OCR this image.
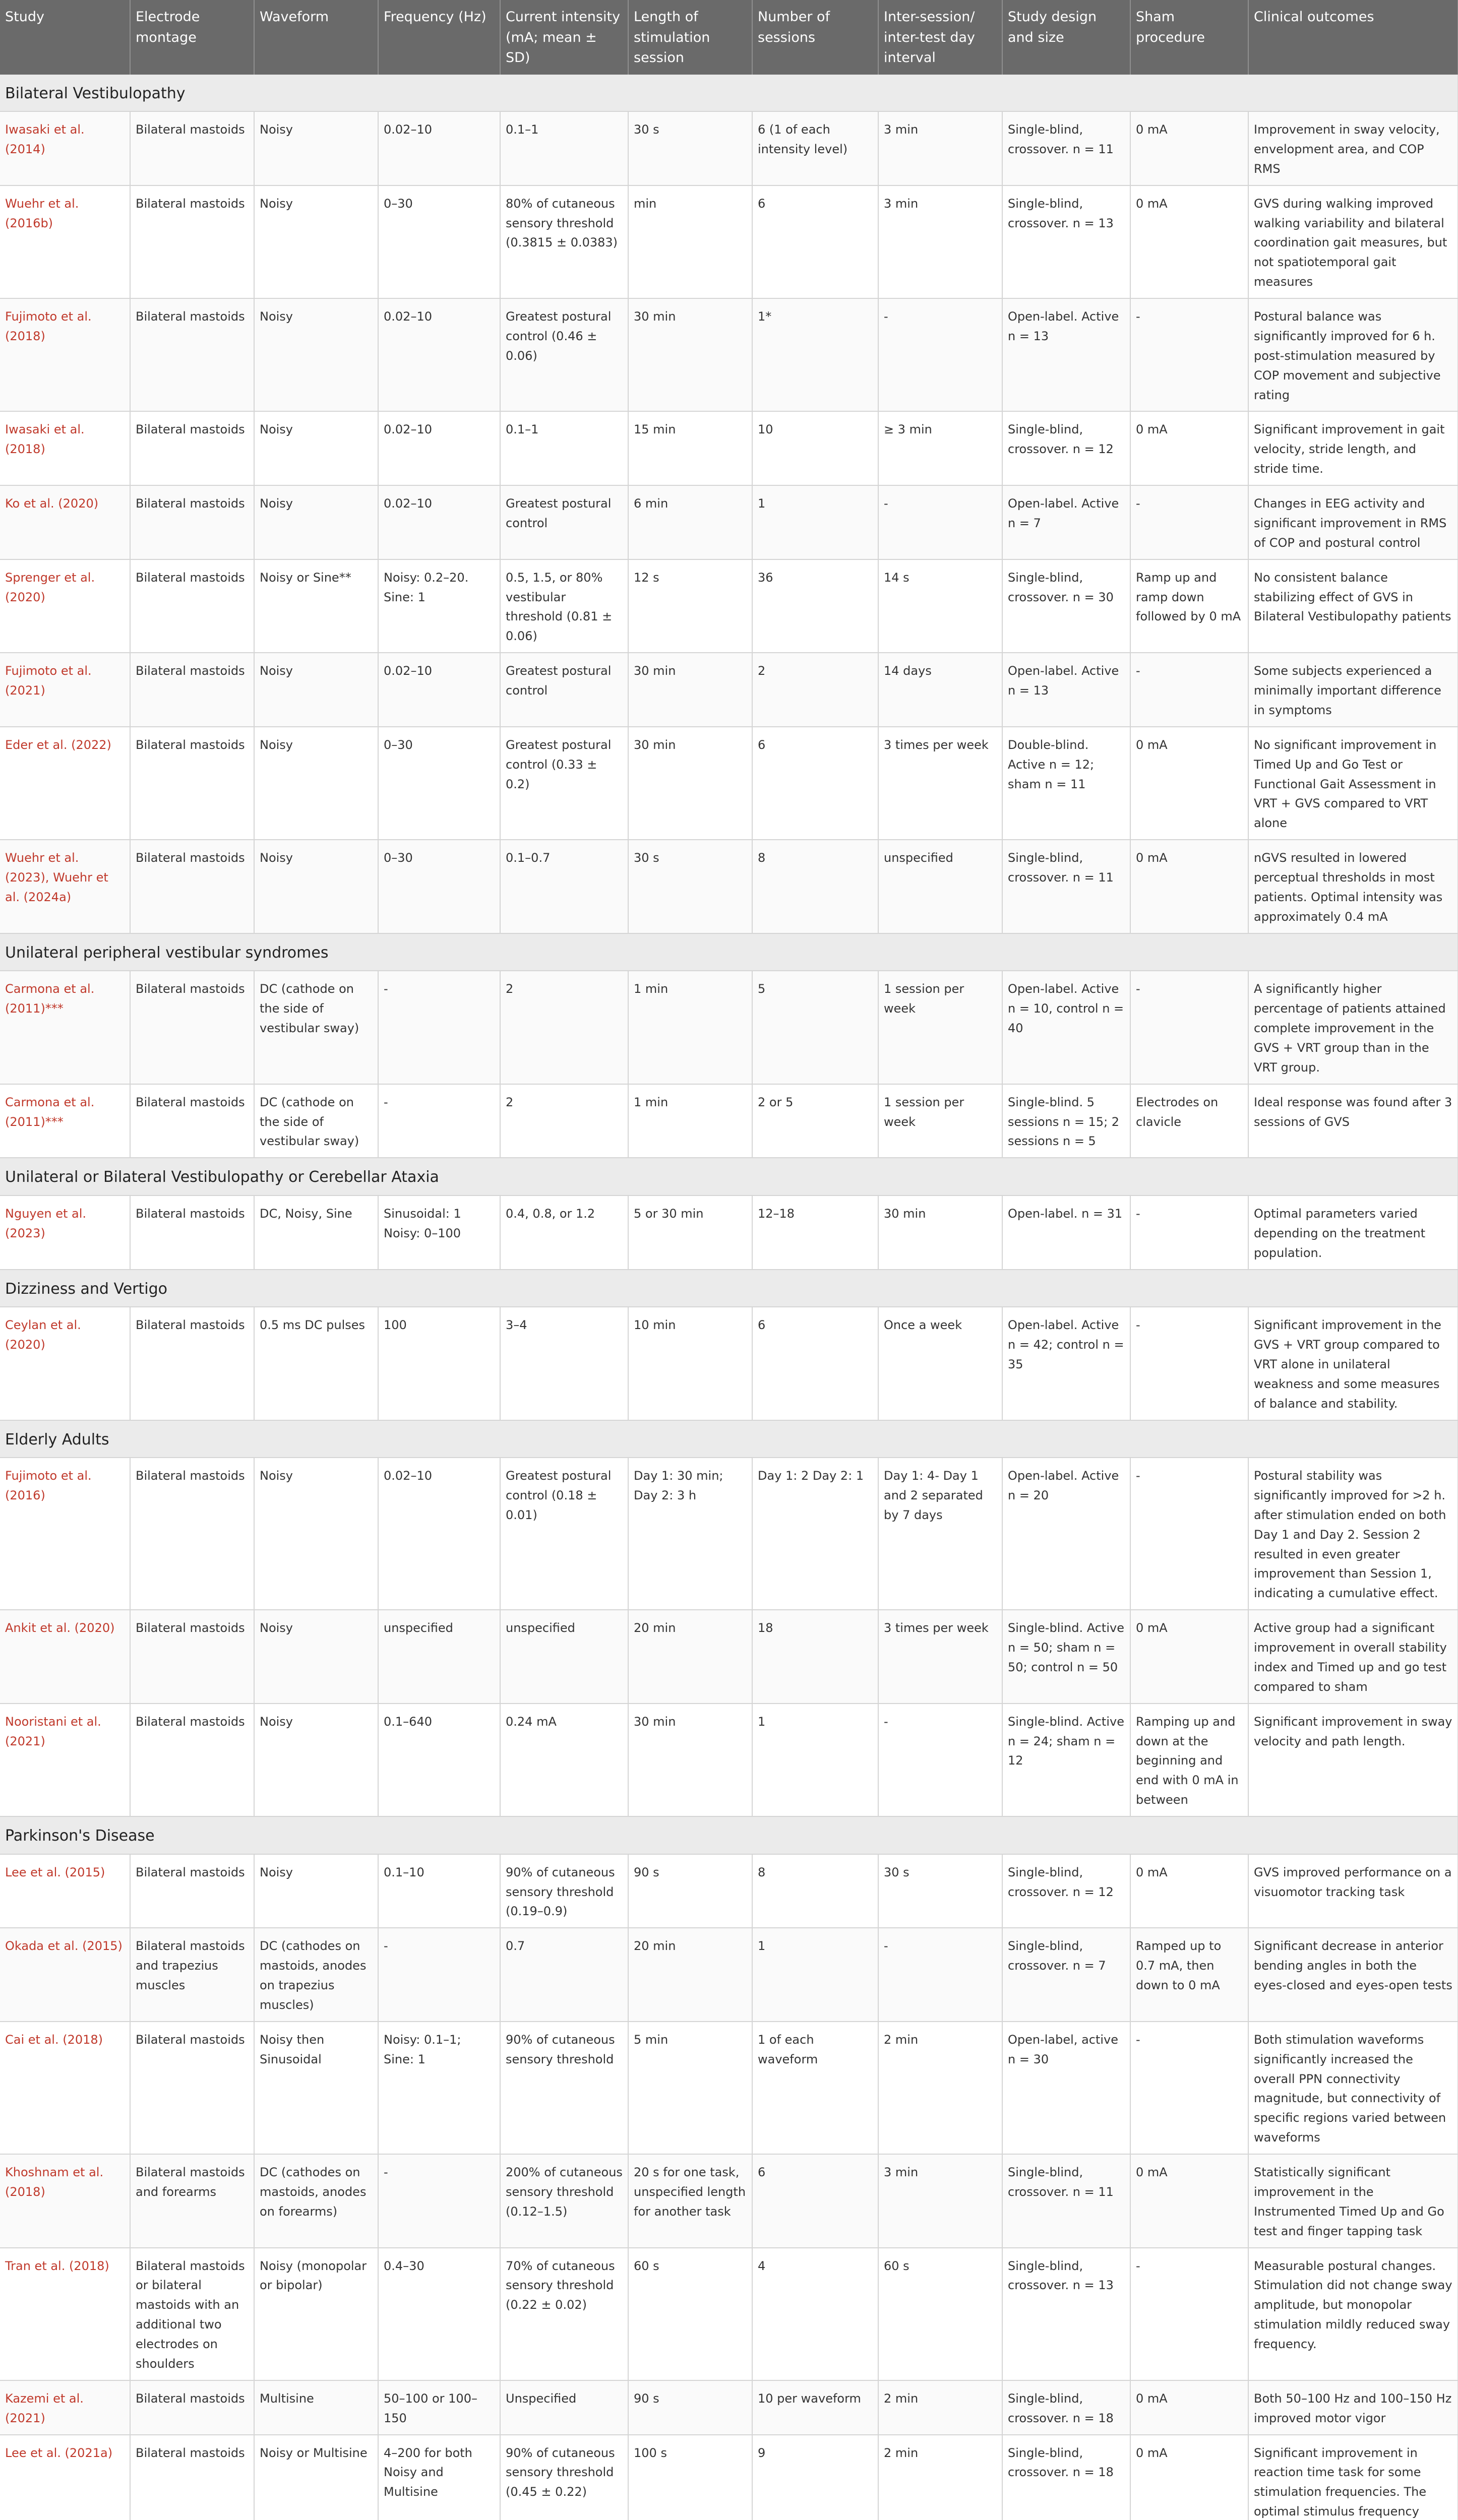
Study	Electrode montage	Waveform	Frequency (Hz)	Current intensity (mA; mean ± SD)	Length of stimulation session	Number of sessions	Inter-session/ inter-test day interval	Study design and size	Sham procedure	Clinical outcomes
Bilateral Vestibulopathy										
Iwasaki et al. (2014)	Bilateral mastoids	Noisy	0.02–10	0.1–1	30 s	6 (1 of each intensity level)	3 min	Single-blind, crossover. n = 11	0 mA	Improvement in sway velocity, envelopment area, and COP RMS
Wuehr et al. (2016b)	Bilateral mastoids	Noisy	0–30	80% of cutaneous sensory threshold (0.3815 ± 0.0383)	min	6	3 min	Single-blind, crossover. n = 13	0 mA	GVS during walking improved walking variability and bilateral coordination gait measures, but not spatiotemporal gait measures
Fujimoto et al. (2018)	Bilateral mastoids	Noisy	0.02–10	Greatest postural control (0.46 ± 0.06)	30 min	1*	-	Open-label. Active n = 13	-	Postural balance was significantly improved for 6 h. post-stimulation measured by COP movement and subjective rating
Iwasaki et al. (2018)	Bilateral mastoids	Noisy	0.02–10	0.1–1	15 min	10	≥ 3 min	Single-blind, crossover. n = 12	0 mA	Significant improvement in gait velocity, stride length, and stride time.
Ko et al. (2020)	Bilateral mastoids	Noisy	0.02–10	Greatest postural control	6 min	1	-	Open-label. Active n = 7	-	Changes in EEG activity and significant improvement in RMS of COP and postural control
Sprenger et al. (2020)	Bilateral mastoids	Noisy or Sine**	Noisy: 0.2–20. Sine: 1	0.5, 1.5, or 80% vestibular threshold (0.81 ± 0.06)	12 s	36	14 s	Single-blind, crossover. n = 30	Ramp up and ramp down followed by 0 mA	No consistent balance stabilizing effect of GVS in Bilateral Vestibulopathy patients
Fujimoto et al. (2021)	Bilateral mastoids	Noisy	0.02–10	Greatest postural control	30 min	2	14 days	Open-label. Active n = 13	-	Some subjects experienced a minimally important difference in symptoms
Eder et al. (2022)	Bilateral mastoids	Noisy	0–30	Greatest postural control (0.33 ± 0.2)	30 min	6	3 times per week	Double-blind. Active n = 12; sham n = 11	0 mA	No significant improvement in Timed Up and Go Test or Functional Gait Assessment in VRT + GVS compared to VRT alone
Wuehr et al. (2023), Wuehr et al. (2024a)	Bilateral mastoids	Noisy	0–30	0.1–0.7	30 s	8	unspecified	Single-blind, crossover. n = 11	0 mA	nGVS resulted in lowered perceptual thresholds in most patients. Optimal intensity was approximately 0.4 mA
Unilateral peripheral vestibular syndromes										
Carmona et al. (2011)***	Bilateral mastoids	DC (cathode on the side of vestibular sway)	-	2	1 min	5	1 session per week	Open-label. Active n = 10, control n = 40	-	A significantly higher percentage of patients attained complete improvement in the GVS + VRT group than in the VRT group.
Carmona et al. (2011)***	Bilateral mastoids	DC (cathode on the side of vestibular sway)	-	2	1 min	2 or 5	1 session per week	Single-blind. 5 sessions n = 15; 2 sessions n = 5	Electrodes on clavicle	Ideal response was found after 3 sessions of GVS
Unilateral or Bilateral Vestibulopathy or Cerebellar Ataxia										
Nguyen et al. (2023)	Bilateral mastoids	DC, Noisy, Sine	Sinusoidal: 1 Noisy: 0–100	0.4, 0.8, or 1.2	5 or 30 min	12–18	30 min	Open-label. n = 31	-	Optimal parameters varied depending on the treatment population.
Dizziness and Vertigo										
Ceylan et al. (2020)	Bilateral mastoids	0.5 ms DC pulses	100	3–4	10 min	6	Once a week	Open-label. Active n = 42; control n = 35	-	Significant improvement in the GVS + VRT group compared to VRT alone in unilateral weakness and some measures of balance and stability.
Elderly Adults										
Fujimoto et al. (2016)	Bilateral mastoids	Noisy	0.02–10	Greatest postural control (0.18 ± 0.01)	Day 1: 30 min; Day 2: 3 h	Day 1: 2 Day 2: 1	Day 1: 4- Day 1 and 2 separated by 7 days	Open-label. Active n = 20	-	Postural stability was significantly improved for >2 h. after stimulation ended on both Day 1 and Day 2. Session 2 resulted in even greater improvement than Session 1, indicating a cumulative effect.
Ankit et al. (2020)	Bilateral mastoids	Noisy	unspecified	unspecified	20 min	18	3 times per week	Single-blind. Active n = 50; sham n = 50; control n = 50	0 mA	Active group had a significant improvement in overall stability index and Timed up and go test compared to sham
Nooristani et al. (2021)	Bilateral mastoids	Noisy	0.1–640	0.24 mA	30 min	1	-	Single-blind. Active n = 24; sham n = 12	Ramping up and down at the beginning and end with 0 mA in between	Significant improvement in sway velocity and path length.
Parkinson's Disease										
Lee et al. (2015)	Bilateral mastoids	Noisy	0.1–10	90% of cutaneous sensory threshold (0.19–0.9)	90 s	8	30 s	Single-blind, crossover. n = 12	0 mA	GVS improved performance on a visuomotor tracking task
Okada et al. (2015)	Bilateral mastoids and trapezius muscles	DC (cathodes on mastoids, anodes on trapezius muscles)	-	0.7	20 min	1	-	Single-blind, crossover. n = 7	Ramped up to 0.7 mA, then down to 0 mA	Significant decrease in anterior bending angles in both the eyes-closed and eyes-open tests
Cai et al. (2018)	Bilateral mastoids	Noisy then Sinusoidal	Noisy: 0.1–1; Sine: 1	90% of cutaneous sensory threshold	5 min	1 of each waveform	2 min	Open-label, active n = 30	-	Both stimulation waveforms significantly increased the overall PPN connectivity magnitude, but connectivity of specific regions varied between waveforms
Khoshnam et al. (2018)	Bilateral mastoids and forearms	DC (cathodes on mastoids, anodes on forearms)	-	200% of cutaneous sensory threshold (0.12–1.5)	20 s for one task, unspecified length for another task	6	3 min	Single-blind, crossover. n = 11	0 mA	Statistically significant improvement in the Instrumented Timed Up and Go test and finger tapping task
Tran et al. (2018)	Bilateral mastoids or bilateral mastoids with an additional two electrodes on shoulders	Noisy (monopolar or bipolar)	0.4–30	70% of cutaneous sensory threshold (0.22 ± 0.02)	60 s	4	60 s	Single-blind, crossover. n = 13	-	Measurable postural changes. Stimulation did not change sway amplitude, but monopolar stimulation mildly reduced sway frequency.
Kazemi et al. (2021)	Bilateral mastoids	Multisine	50–100 or 100–150	Unspecified	90 s	10 per waveform	2 min	Single-blind, crossover. n = 18	0 mA	Both 50–100 Hz and 100–150 Hz improved motor vigor
Lee et al. (2021a)	Bilateral mastoids	Noisy or Multisine	4–200 for both Noisy and Multisine	90% of cutaneous sensory threshold (0.45 ± 0.22)	100 s	9	2 min	Single-blind, crossover. n = 18	0 mA	Significant improvement in reaction time task for some stimulation frequencies. The optimal stimulus frequency
